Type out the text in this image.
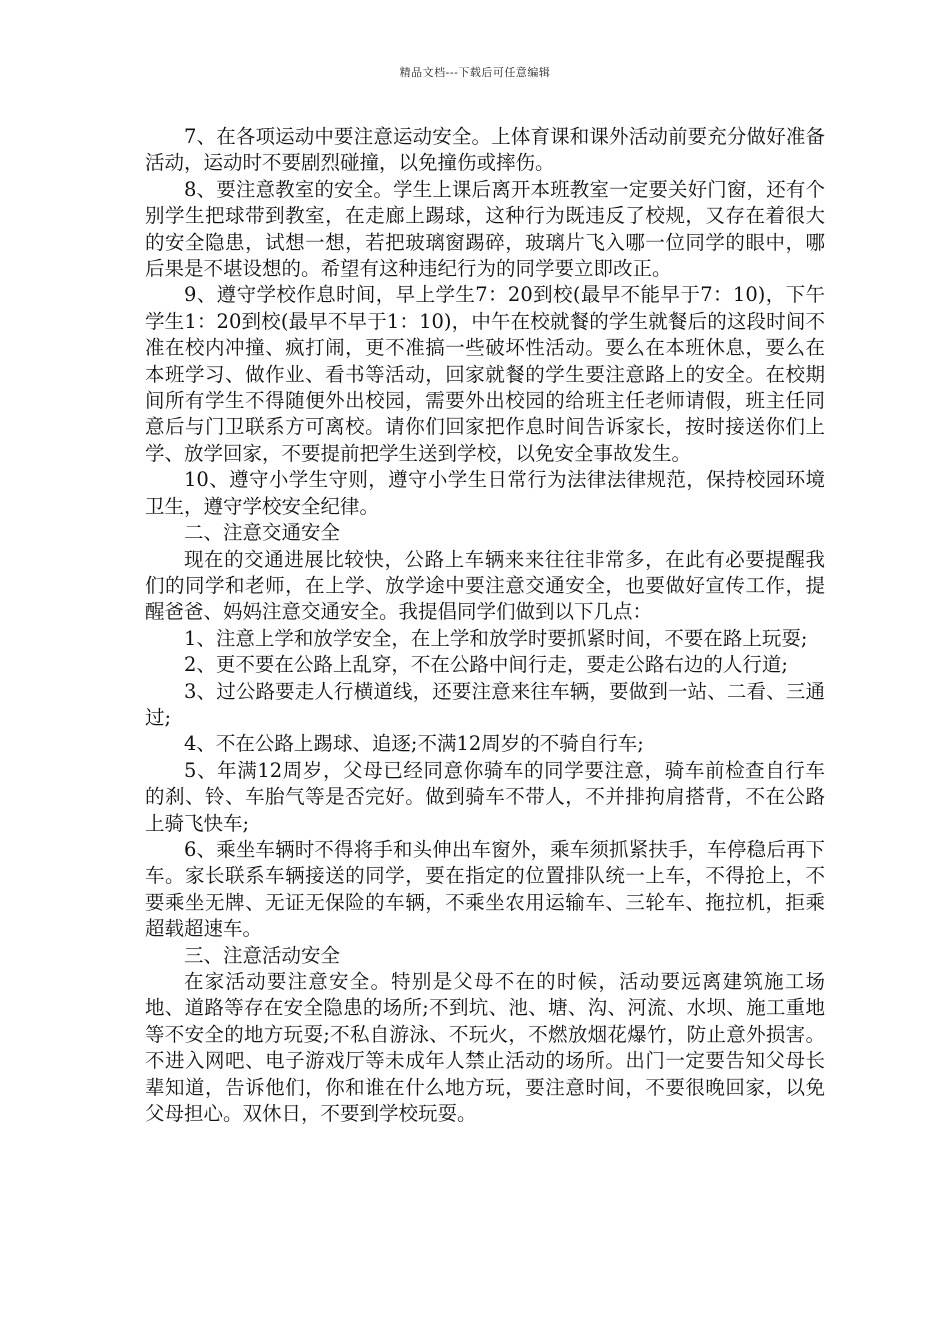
精品文档---下载后可任意编辑

7、在各项运动中要注意运动安全。上体育课和课外活动前要充分做好准备活动，运动时不要剧烈碰撞，以免撞伤或摔伤。

8、要注意教室的安全。学生上课后离开本班教室一定要关好门窗，还有个别学生把球带到教室，在走廊上踢球，这种行为既违反了校规，又存在着很大的安全隐患，试想一想，若把玻璃窗踢碎，玻璃片飞入哪一位同学的眼中，哪后果是不堪设想的。希望有这种违纪行为的同学要立即改正。

9、遵守学校作息时间，早上学生7：20到校(最早不能早于7：10)，下午学生1：20到校(最早不早于1：10)，中午在校就餐的学生就餐后的这段时间不准在校内冲撞、疯打闹，更不准搞一些破坏性活动。要么在本班休息，要么在本班学习、做作业、看书等活动，回家就餐的学生要注意路上的安全。在校期间所有学生不得随便外出校园，需要外出校园的给班主任老师请假，班主任同意后与门卫联系方可离校。请你们回家把作息时间告诉家长，按时接送你们上学、放学回家，不要提前把学生送到学校，以免安全事故发生。

10、遵守小学生守则，遵守小学生日常行为法律法律规范，保持校园环境卫生，遵守学校安全纪律。

二、注意交通安全

现在的交通进展比较快，公路上车辆来来往往非常多，在此有必要提醒我们的同学和老师，在上学、放学途中要注意交通安全，也要做好宣传工作，提醒爸爸、妈妈注意交通安全。我提倡同学们做到以下几点：

1、注意上学和放学安全，在上学和放学时要抓紧时间，不要在路上玩耍;

2、更不要在公路上乱穿，不在公路中间行走，要走公路右边的人行道;

3、过公路要走人行横道线，还要注意来往车辆，要做到一站、二看、三通过;

4、不在公路上踢球、追逐;不满12周岁的不骑自行车;

5、年满12周岁，父母已经同意你骑车的同学要注意，骑车前检查自行车的刹、铃、车胎气等是否完好。做到骑车不带人，不并排拘肩搭背，不在公路上骑飞快车;

6、乘坐车辆时不得将手和头伸出车窗外，乘车须抓紧扶手，车停稳后再下车。家长联系车辆接送的同学，要在指定的位置排队统一上车，不得抢上，不要乘坐无牌、无证无保险的车辆，不乘坐农用运输车、三轮车、拖拉机，拒乘超载超速车。

三、注意活动安全

在家活动要注意安全。特别是父母不在的时候，活动要远离建筑施工场地、道路等存在安全隐患的场所;不到坑、池、塘、沟、河流、水坝、施工重地等不安全的地方玩耍;不私自游泳、不玩火，不燃放烟花爆竹，防止意外损害。不进入网吧、电子游戏厅等未成年人禁止活动的场所。出门一定要告知父母长辈知道，告诉他们，你和谁在什么地方玩，要注意时间，不要很晚回家，以免父母担心。双休日，不要到学校玩耍。
